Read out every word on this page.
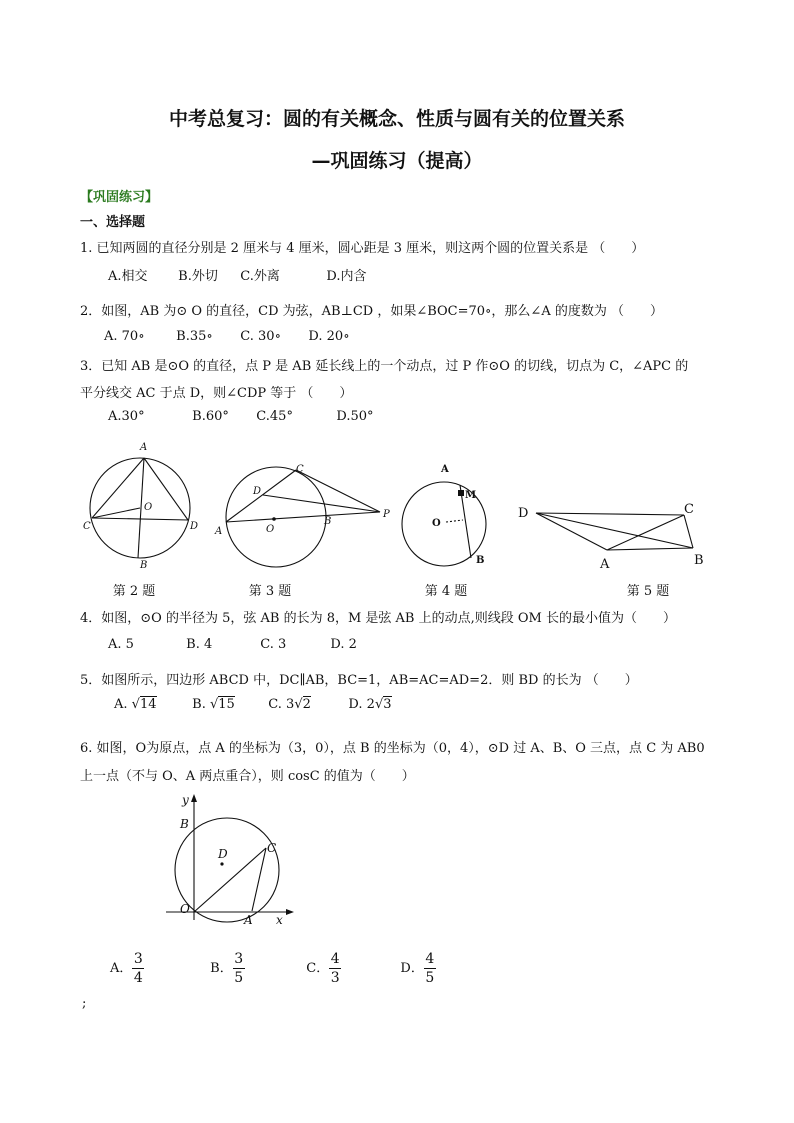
中考总复习：圆的有关概念、性质与圆有关的位置关系
—巩固练习（提高）
【巩固练习】
一、选择题
1. 已知两圆的直径分别是 2 厘米与 4 厘米，圆心距是 3 厘米，则这两个圆的位置关系是 （　　）
A.相交 B.外切 C.外离	D.内含
2．如图，AB 为⊙ O 的直径，CD 为弦，AB⊥CD ，如果∠BOC=70∘，那么∠A 的度数为 （　　）
A. 70∘ B.35∘ C. 30∘ D. 20∘
3．已知 AB 是⊙O 的直径，点 P 是 AB 延长线上的一个动点，过 P 作⊙O 的切线，切点为 C，∠APC 的
平分线交 AC 于点 D，则∠CDP 等于 （　　）
A.30°	B.60° C.45°	D.50°
A
O
C	D
B
C
D
A	O
B
P
A
M
O
B
D	C
A	B
第 2 题	第 3 题	第 4 题	第 5 题
4．如图，⊙O 的半径为 5，弦 AB 的长为 8，M 是弦 AB 上的动点,则线段 OM 长的最小值为（　　）
A. 5	B. 4	C. 3	D. 2
5．如图所示，四边形 ABCD 中，DC∥AB，BC=1，AB=AC=AD=2．则 BD 的长为 （　　）
A. √14	B. √15	C. 3√2	D. 2√3
6. 如图，O为原点，点 A 的坐标为（3，0），点 B 的坐标为（0，4），⊙D 过 A、B、O 三点，点 C 为 AB0
上一点（不与 O、A 两点重合），则 cosC 的值为（　　）
y
B
D	C
O
A x
A． $\frac{3}{4}$	B． $\frac{3}{5}$	C． $\frac{4}{3}$	D． $\frac{4}{5}$
;
